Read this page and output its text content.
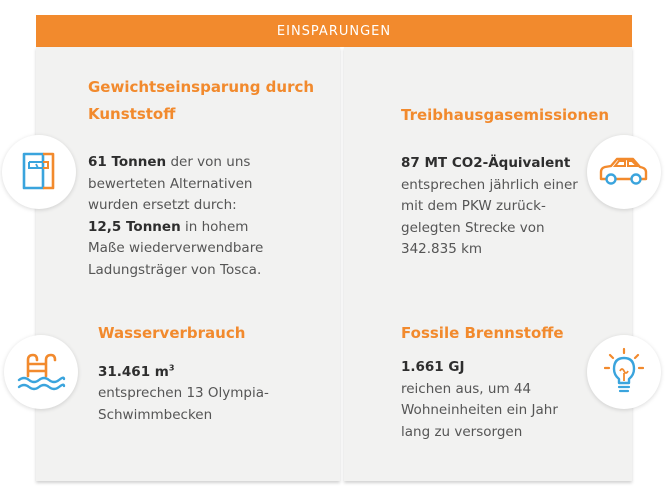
EINSPARUNGEN
Gewichtseinsparung durch
Kunststoff
61 Tonnen der von uns
bewerteten Alternativen
wurden ersetzt durch:
12,5 Tonnen in hohem
Maße wiederverwendbare
Ladungsträger von Tosca.
Treibhausgasemissionen
87 MT CO2-Äquivalent
entsprechen jährlich einer
mit dem PKW zurück-
gelegten Strecke von
342.835 km
Wasserverbrauch
31.461 $m^3$
entsprechen 13 Olympia-
Schwimmbecken
Fossile Brennstoffe
1.661 GJ
reichen aus, um 44
Wohneinheiten ein Jahr
lang zu versorgen
